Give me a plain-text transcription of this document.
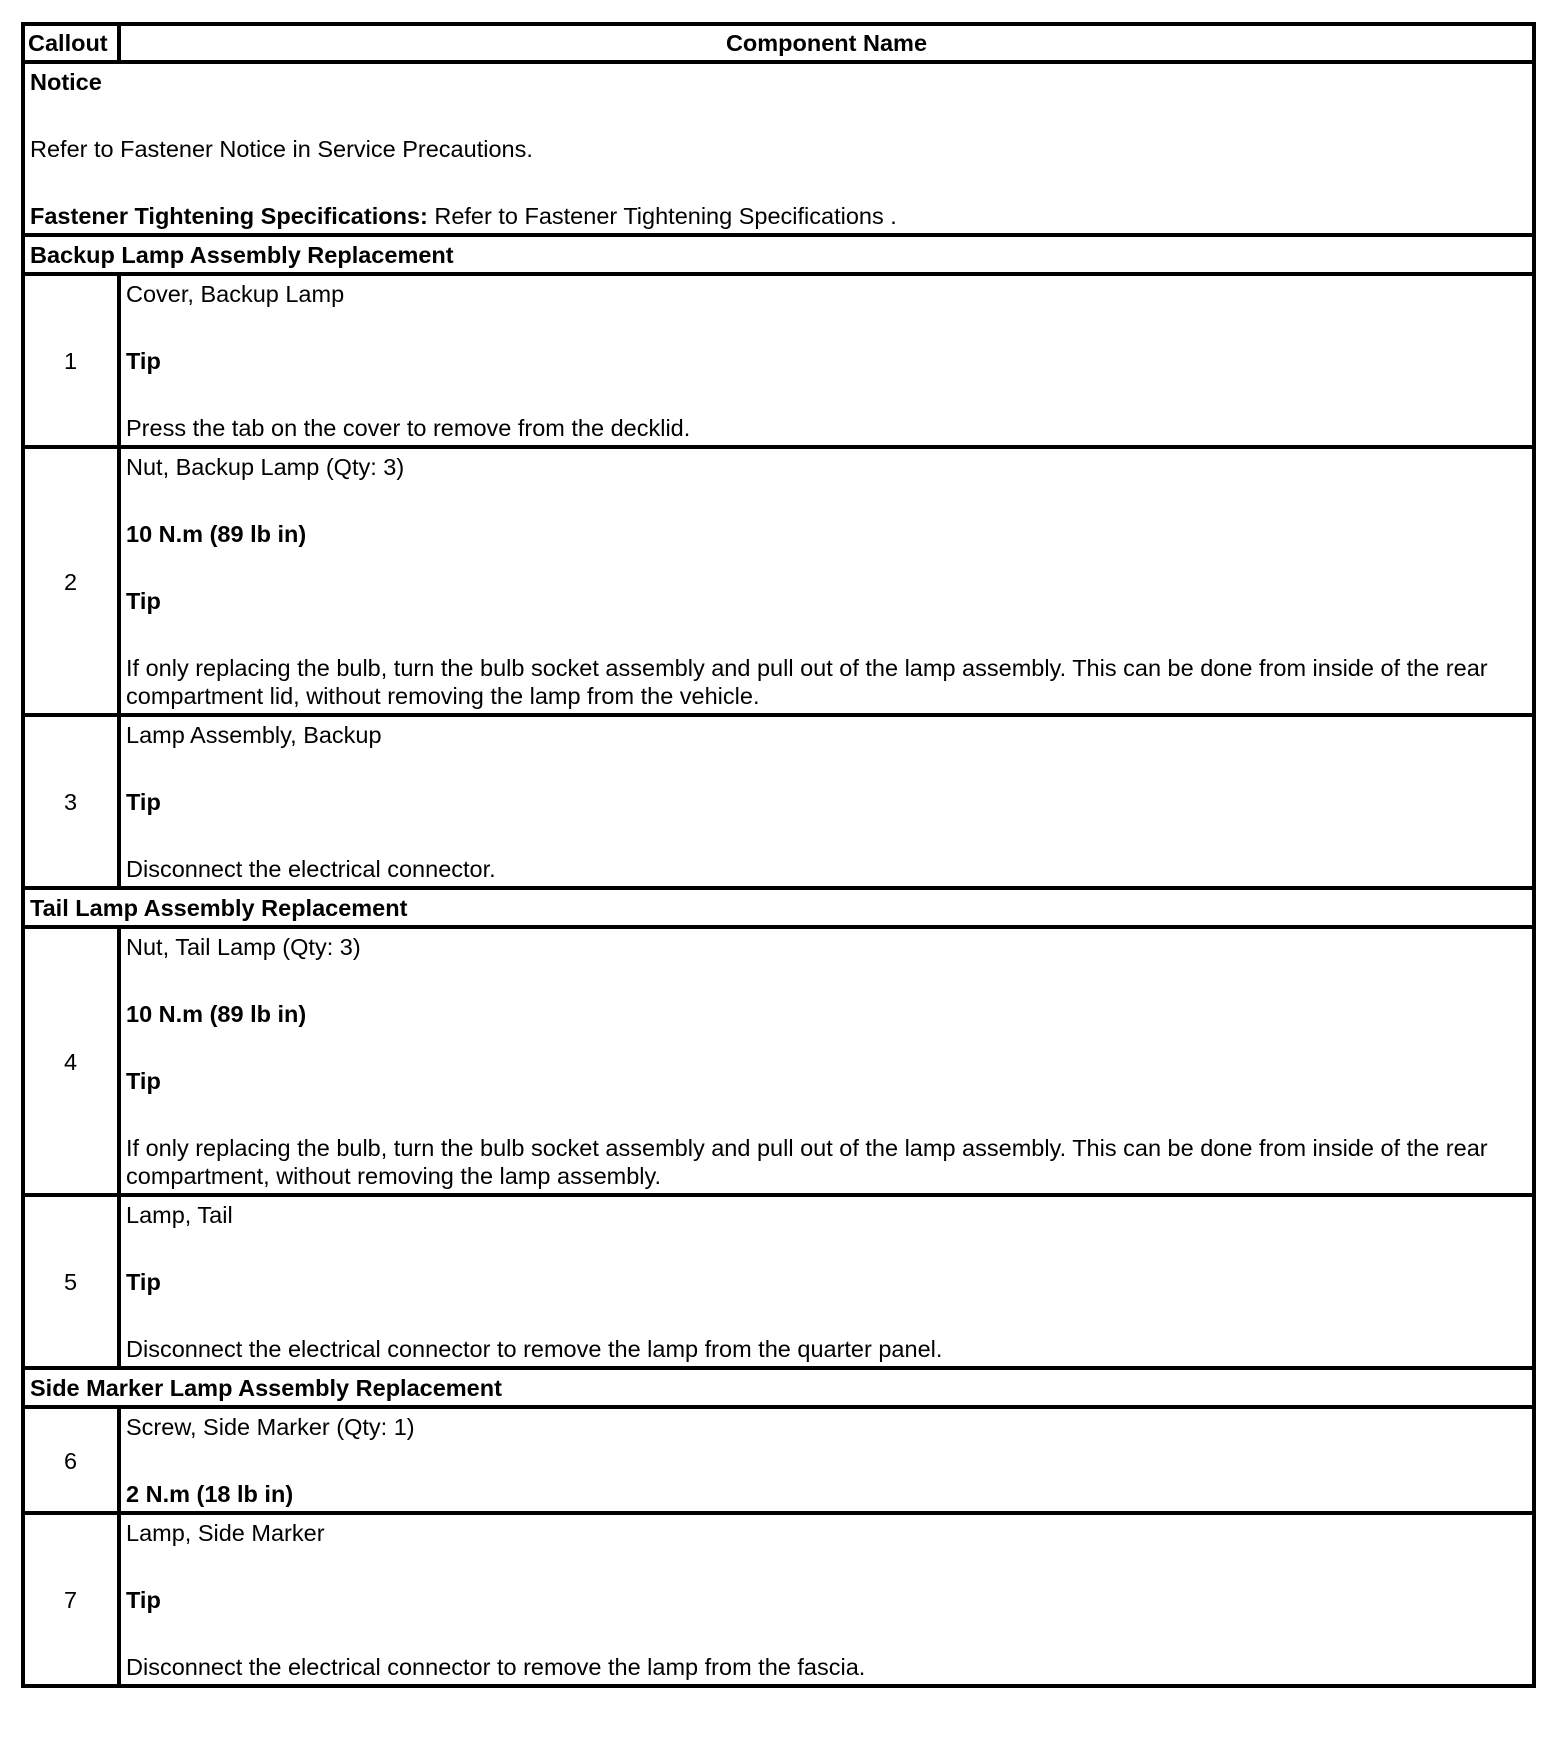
Callout	Component Name

Notice
Refer to Fastener Notice in Service Precautions.
Fastener Tightening Specifications: Refer to Fastener Tightening Specifications .	

Backup Lamp Assembly Replacement	
1	Cover, Backup Lamp
Tip
Press the tab on the cover to remove from the decklid.

2	Nut, Backup Lamp (Qty: 3)
10 N.m (89 lb in)
Tip
If only replacing the bulb, turn the bulb socket assembly and pull out of the lamp assembly. This can be done from inside of the rear compartment lid, without removing the lamp from the vehicle.

3	Lamp Assembly, Backup
Tip
Disconnect the electrical connector.

Tail Lamp Assembly Replacement	
4	Nut, Tail Lamp (Qty: 3)
10 N.m (89 lb in)
Tip
If only replacing the bulb, turn the bulb socket assembly and pull out of the lamp assembly. This can be done from inside of the rear compartment, without removing the lamp assembly.

5	Lamp, Tail
Tip
Disconnect the electrical connector to remove the lamp from the quarter panel.

Side Marker Lamp Assembly Replacement	
6	Screw, Side Marker (Qty: 1)
2 N.m (18 lb in)

7	Lamp, Side Marker
Tip
Disconnect the electrical connector to remove the lamp from the fascia.
